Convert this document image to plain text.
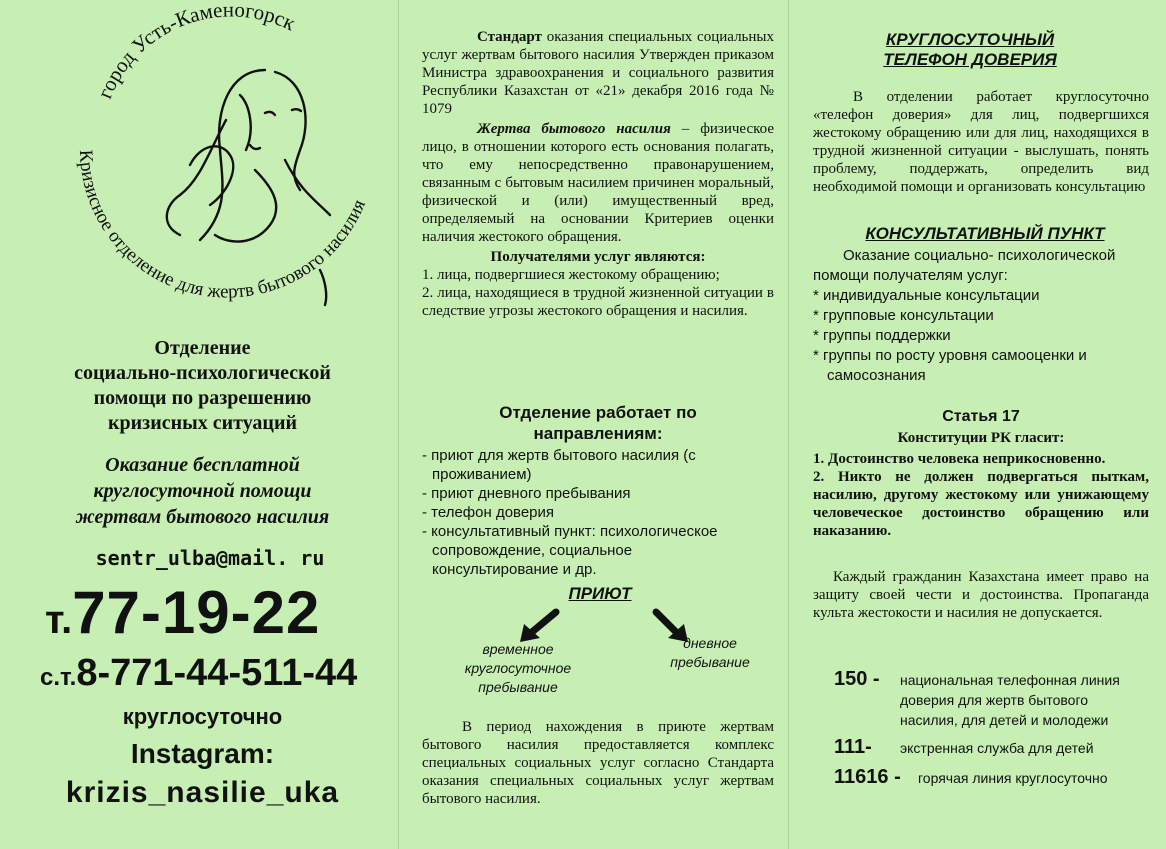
город Усть-Каменогорск
Кризисное отделение для жертв бытового насилия
Отделение
социально-психологической
помощи по разрешению
кризисных ситуаций
Оказание бесплатной
круглосуточной помощи
жертвам бытового насилия
sentr_ulba@mail. ru
т.77-19-22
с.т.8-771-44-511-44
круглосуточно
Instagram:
krizis_nasilie_uka

Стандарт оказания специальных социальных услуг жертвам бытового насилия Утвержден приказом Министра здравоохранения и социального развития Республики Казахстан от «21» декабря 2016 года № 1079

Жертва бытового насилия – физическое лицо, в отношении которого есть основания полагать, что ему непосредственно правонарушением, связанным с бытовым насилием причинен моральный, физической и (или) имущественный вред, определяемый на основании Критериев оценки наличия жестокого обращения.

Получателями услуг являются:

1. лица, подвергшиеся жестокому обращению;

2. лица, находящиеся в трудной жизненной ситуации в следствие угрозы жестокого обращения и насилия.

Отделение работает по
направлениям:

- приют для жертв бытового насилия (с проживанием)

- приют дневного пребывания

- телефон доверия

- консультативный пункт: психологическое сопровождение, социальное консультирование и др.

ПРИЮТ
временное
круглосуточное
пребывание
дневное
пребывание

В период нахождения в приюте жертвам бытового насилия предоставляется комплекс специальных социальных услуг согласно Стандарта оказания специальных социальных услуг жертвам бытового насилия.

КРУГЛОСУТОЧНЫЙ
ТЕЛЕФОН ДОВЕРИЯ

В отделении работает круглосуточно «телефон доверия» для лиц, подвергшихся жестокому обращению или для лиц, находящихся в трудной жизненной ситуации - выслушать, понять проблему, поддержать, определить вид необходимой помощи и организовать консультацию

КОНСУЛЬТАТИВНЫЙ ПУНКТ

Оказание социально- психологической помощи получателям услуг:

* индивидуальные консультации

* групповые консультации

* группы поддержки

* группы по росту уровня самооценки и самосознания

Статья 17
Конституции РК гласит:

1. Достоинство человека неприкосновенно.

2. Никто не должен подвергаться пыткам, насилию, другому жестокому или унижающему человеческое достоинство обращению или наказанию.

Каждый гражданин Казахстана имеет право на защиту своей чести и достоинства. Пропаганда культа жестокости и насилия не допускается.

150 -	национальная телефонная линия доверия для жертв бытового насилия, для детей и молодежи
111-	экстренная служба для детей
11616 -	горячая линия круглосуточно
